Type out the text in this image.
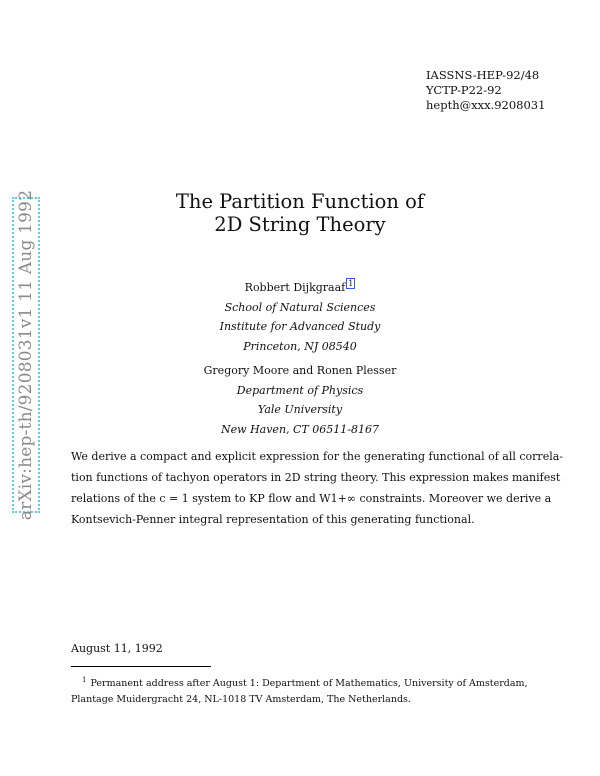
IASSNS-HEP-92/48
YCTP-P22-92
hepth@xxx.9208031
arXiv:hep-th/9208031v1 11 Aug 1992	The Partition Function of
2D String Theory
Robbert Dijkgraaf 1
School of Natural Sciences
Institute for Advanced Study
Princeton, NJ 08540
Gregory Moore and Ronen Plesser
Department of Physics
Yale University
New Haven, CT 06511-8167
We derive a compact and explicit expression for the generating functional of all correla-
tion functions of tachyon operators in 2D string theory. This expression makes manifest
relations of the c = 1 system to KP flow and W1+∞ constraints. Moreover we derive a
Kontsevich-Penner integral representation of this generating functional.
August 11, 1992
$^1$ Permanent address after August 1: Department of Mathematics, University of Amsterdam,
Plantage Muidergracht 24, NL-1018 TV Amsterdam, The Netherlands.
